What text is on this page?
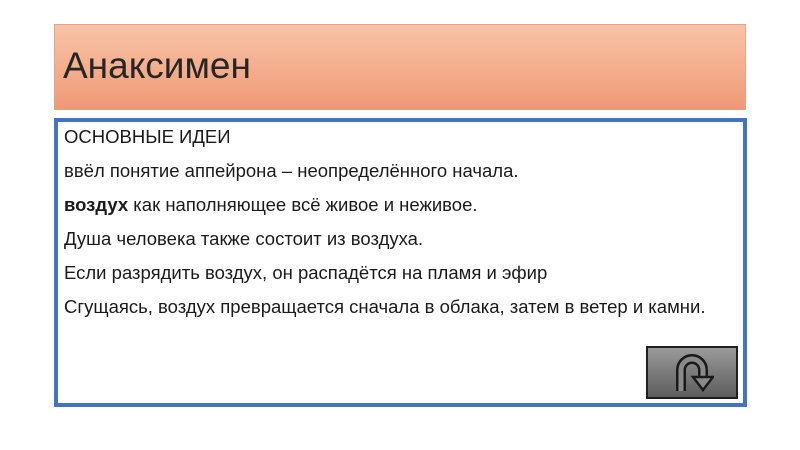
Анаксимен
ОСНОВНЫЕ ИДЕИ
ввёл понятие аппейрона – неопределённого начала.
воздух как наполняющее всё живое и неживое.
Душа человека также состоит из воздуха.
Если разрядить воздух, он распадётся на пламя и эфир
Сгущаясь, воздух превращается сначала в облака, затем в ветер и камни.
